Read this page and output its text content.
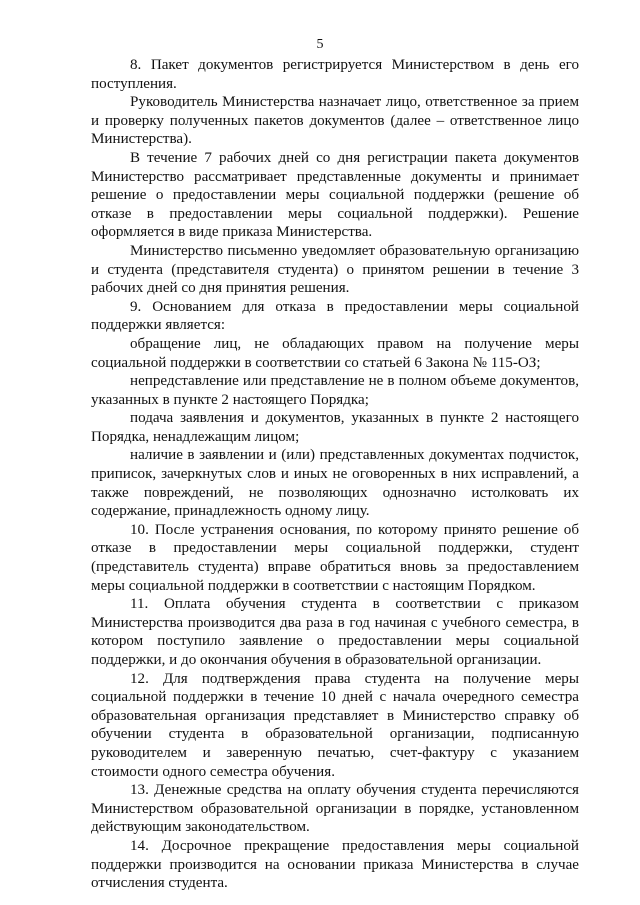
5

8. Пакет документов регистрируется Министерством в день его поступления.

Руководитель Министерства назначает лицо, ответственное за прием и проверку полученных пакетов документов (далее – ответственное лицо Министерства).

В течение 7 рабочих дней со дня регистрации пакета документов Министерство рассматривает представленные документы и принимает решение о предоставлении меры социальной поддержки (решение об отказе в предоставлении меры социальной поддержки). Решение оформляется в виде приказа Министерства.

Министерство письменно уведомляет образовательную организацию и студента (представителя студента) о принятом решении в течение 3 рабочих дней со дня принятия решения.

9. Основанием для отказа в предоставлении меры социальной поддержки является:

обращение лиц, не обладающих правом на получение меры социальной поддержки в соответствии со статьей 6 Закона № 115-ОЗ;

непредставление или представление не в полном объеме документов, указанных в пункте 2 настоящего Порядка;

подача заявления и документов, указанных в пункте 2 настоящего Порядка, ненадлежащим лицом;

наличие в заявлении и (или) представленных документах подчисток, приписок, зачеркнутых слов и иных не оговоренных в них исправлений, а также повреждений, не позволяющих однозначно истолковать их содержание, принадлежность одному лицу.

10. После устранения основания, по которому принято решение об отказе в предоставлении меры социальной поддержки, студент (представитель студента) вправе обратиться вновь за предоставлением меры социальной поддержки в соответствии с настоящим Порядком.

11. Оплата обучения студента в соответствии с приказом Министерства производится два раза в год начиная с учебного семестра, в котором поступило заявление о предоставлении меры социальной поддержки, и до окончания обучения в образовательной организации.

12. Для подтверждения права студента на получение меры социальной поддержки в течение 10 дней с начала очередного семестра образовательная организация представляет в Министерство справку об обучении студента в образовательной организации, подписанную руководителем и заверенную печатью, счет-фактуру с указанием стоимости одного семестра обучения.

13. Денежные средства на оплату обучения студента перечисляются Министерством образовательной организации в порядке, установленном действующим законодательством.

14. Досрочное прекращение предоставления меры социальной поддержки производится на основании приказа Министерства в случае отчисления студента.
